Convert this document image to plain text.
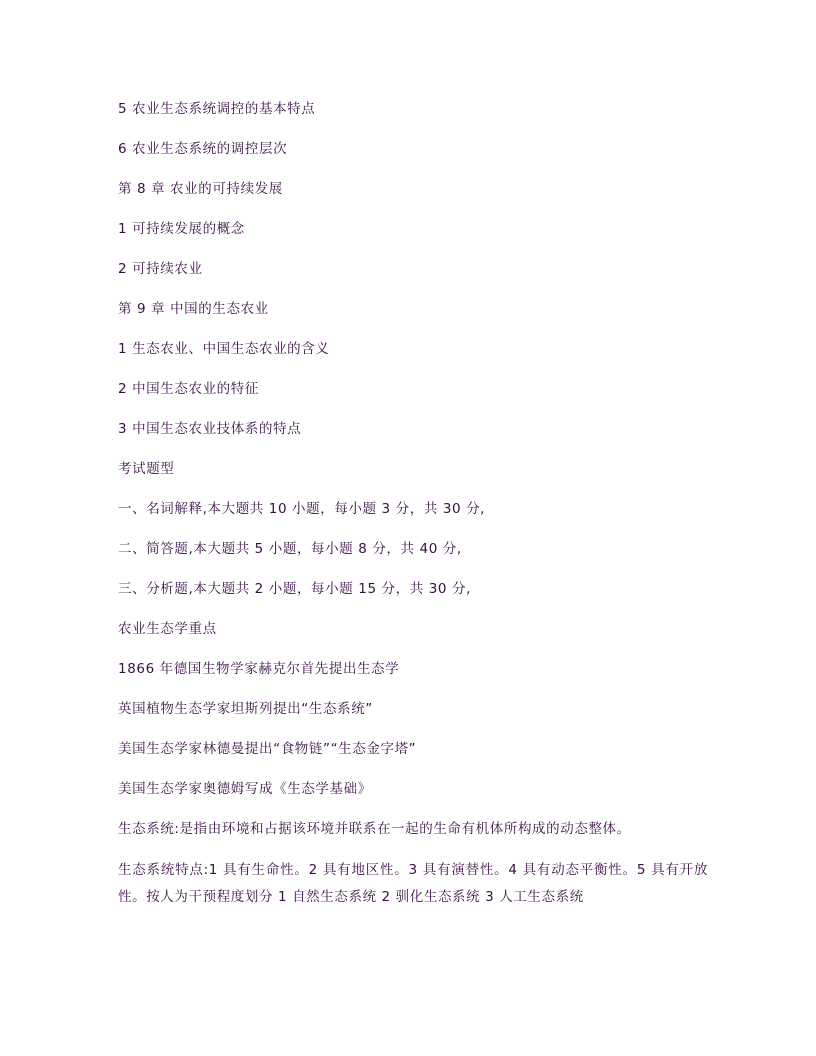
5 农业生态系统调控的基本特点
6 农业生态系统的调控层次
第 8 章 农业的可持续发展
1 可持续发展的概念
2 可持续农业
第 9 章 中国的生态农业
1 生态农业、中国生态农业的含义
2 中国生态农业的特征
3 中国生态农业技体系的特点
考试题型
一、名词解释,本大题共 10 小题，每小题 3 分，共 30 分,
二、简答题,本大题共 5 小题，每小题 8 分，共 40 分,
三、分析题,本大题共 2 小题，每小题 15 分，共 30 分,
农业生态学重点
1866 年德国生物学家赫克尔首先提出生态学
英国植物生态学家坦斯列提出“生态系统”
美国生态学家林德曼提出“食物链”“生态金字塔”
美国生态学家奥德姆写成《生态学基础》
生态系统:是指由环境和占据该环境并联系在一起的生命有机体所构成的动态整体。
生态系统特点:1 具有生命性。2 具有地区性。3 具有演替性。4 具有动态平衡性。5 具有开放性。按人为干预程度划分 1 自然生态系统 2 驯化生态系统 3 人工生态系统
